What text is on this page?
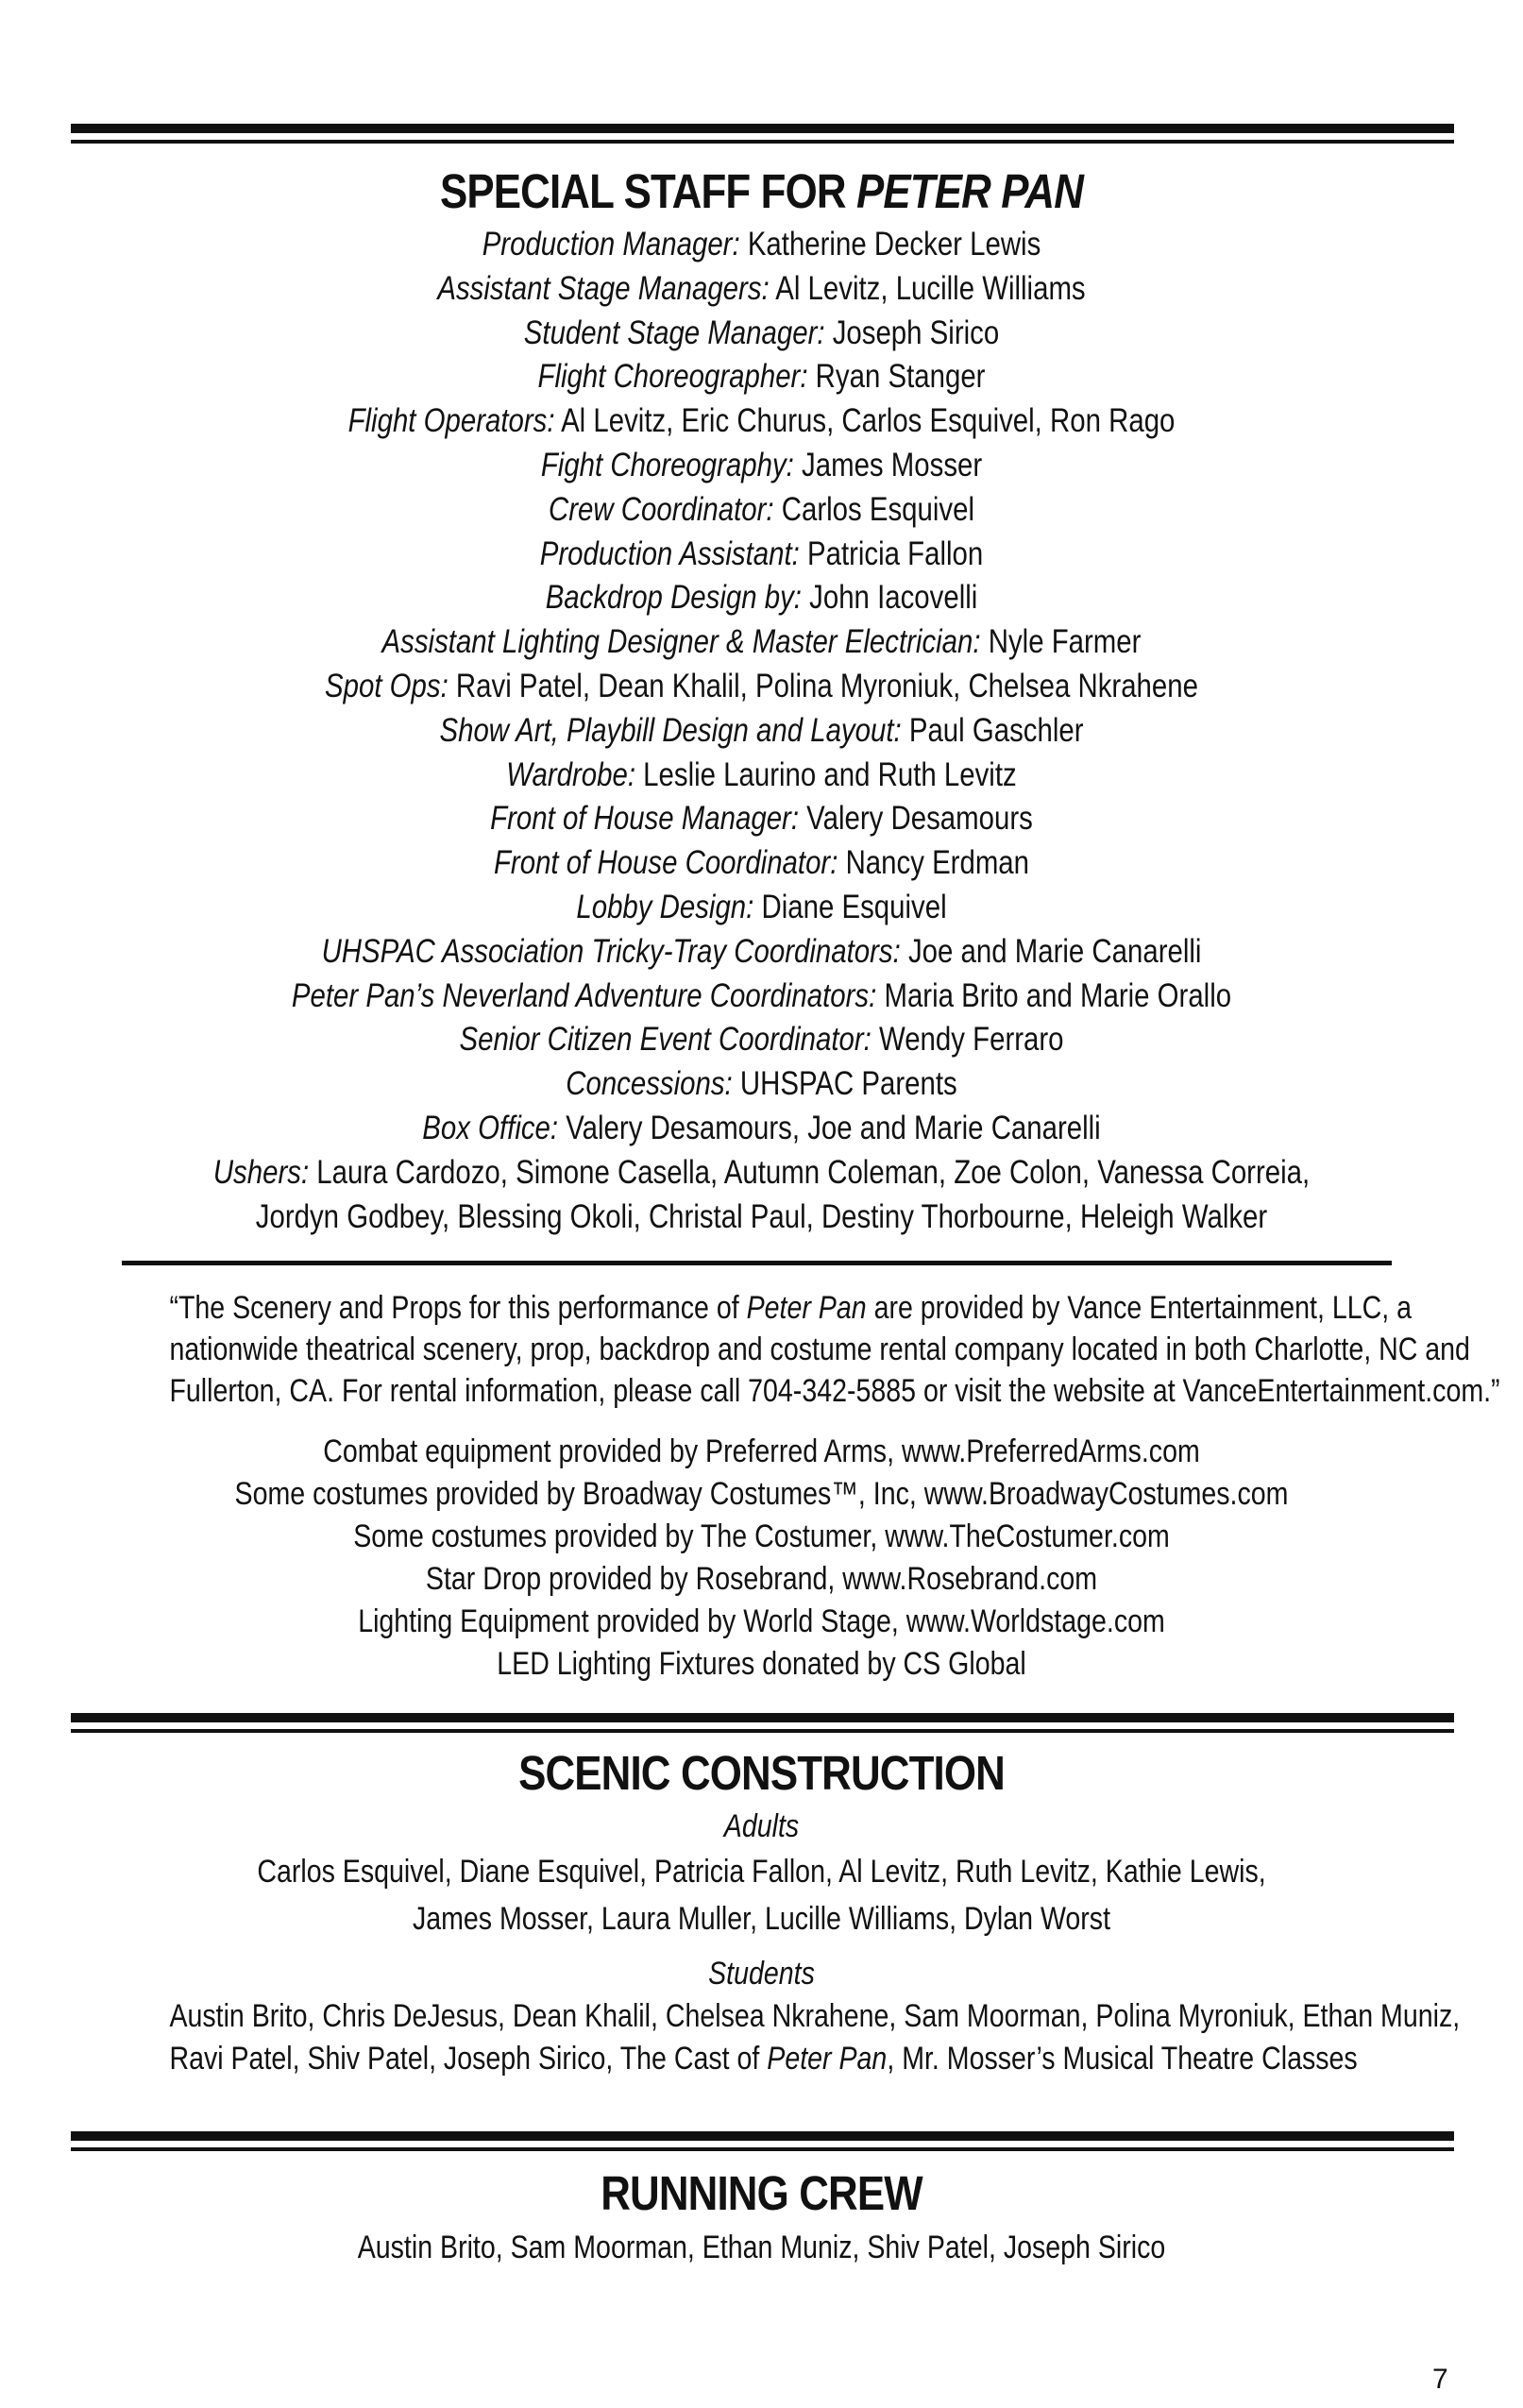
SPECIAL STAFF FOR PETER PAN
Production Manager: Katherine Decker Lewis
Assistant Stage Managers: Al Levitz, Lucille Williams
Student Stage Manager: Joseph Sirico
Flight Choreographer: Ryan Stanger
Flight Operators: Al Levitz, Eric Churus, Carlos Esquivel, Ron Rago
Fight Choreography: James Mosser
Crew Coordinator: Carlos Esquivel
Production Assistant: Patricia Fallon
Backdrop Design by: John Iacovelli
Assistant Lighting Designer & Master Electrician: Nyle Farmer
Spot Ops: Ravi Patel, Dean Khalil, Polina Myroniuk, Chelsea Nkrahene
Show Art, Playbill Design and Layout: Paul Gaschler
Wardrobe: Leslie Laurino and Ruth Levitz
Front of House Manager: Valery Desamours
Front of House Coordinator: Nancy Erdman
Lobby Design: Diane Esquivel
UHSPAC Association Tricky-Tray Coordinators: Joe and Marie Canarelli
Peter Pan’s Neverland Adventure Coordinators: Maria Brito and Marie Orallo
Senior Citizen Event Coordinator: Wendy Ferraro
Concessions: UHSPAC Parents
Box Office: Valery Desamours, Joe and Marie Canarelli
Ushers: Laura Cardozo, Simone Casella, Autumn Coleman, Zoe Colon, Vanessa Correia,
Jordyn Godbey, Blessing Okoli, Christal Paul, Destiny Thorbourne, Heleigh Walker

“The Scenery and Props for this performance of Peter Pan are provided by Vance Entertainment, LLC, a

nationwide theatrical scenery, prop, backdrop and costume rental company located in both Charlotte, NC and

Fullerton, CA. For rental information, please call 704-342-5885 or visit the website at VanceEntertainment.com.”

Combat equipment provided by Preferred Arms, www.PreferredArms.com
Some costumes provided by Broadway Costumes™, Inc, www.BroadwayCostumes.com
Some costumes provided by The Costumer, www.TheCostumer.com
Star Drop provided by Rosebrand, www.Rosebrand.com
Lighting Equipment provided by World Stage, www.Worldstage.com
LED Lighting Fixtures donated by CS Global
SCENIC CONSTRUCTION
Adults
Carlos Esquivel, Diane Esquivel, Patricia Fallon, Al Levitz, Ruth Levitz, Kathie Lewis,
James Mosser, Laura Muller, Lucille Williams, Dylan Worst
Students
Austin Brito, Chris DeJesus, Dean Khalil, Chelsea Nkrahene, Sam Moorman, Polina Myroniuk, Ethan Muniz,
Ravi Patel, Shiv Patel, Joseph Sirico, The Cast of Peter Pan, Mr. Mosser’s Musical Theatre Classes
RUNNING CREW
Austin Brito, Sam Moorman, Ethan Muniz, Shiv Patel, Joseph Sirico
7
